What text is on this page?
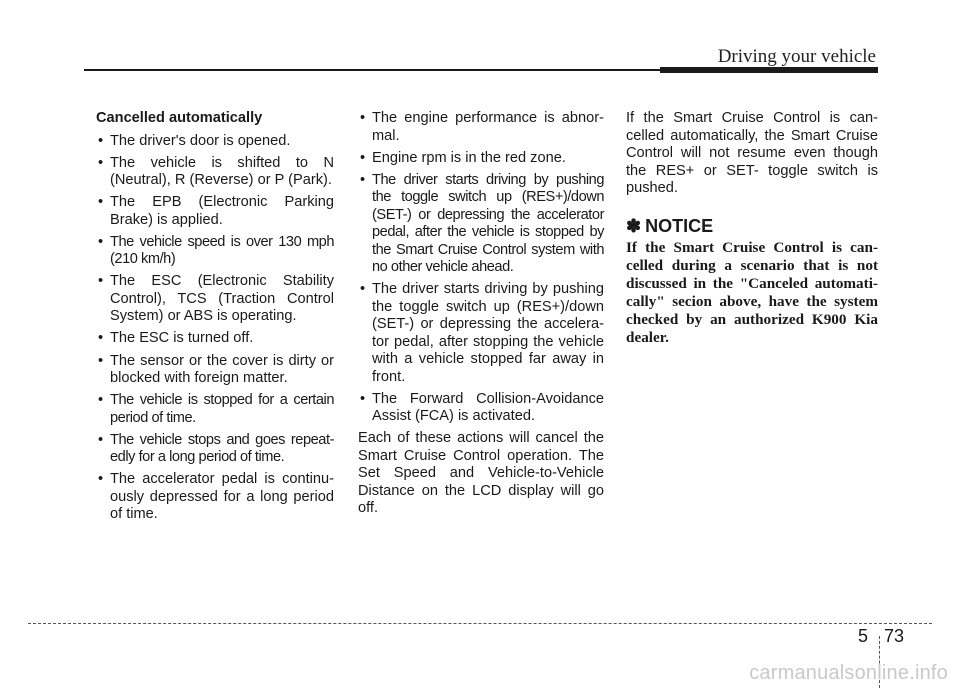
Driving your vehicle

Cancelled automatically

• The driver's door is opened.
• The vehicle is shifted to N (Neutral), R (Reverse) or P (Park).
• The EPB (Electronic Parking Brake) is applied.
• The vehicle speed is over 130 mph (210 km/h)
• The ESC (Electronic Stability Control), TCS (Traction Control System) or ABS is operating.
• The ESC is turned off.
• The sensor or the cover is dirty or blocked with foreign matter.
• The vehicle is stopped for a certain period of time.
• The vehicle stops and goes repeat-edly for a long period of time.
• The accelerator pedal is continu-ously depressed for a long period of time.
• The engine performance is abnor-mal.
• Engine rpm is in the red zone.
• The driver starts driving by pushing the toggle switch up (RES+)/down (SET-) or depressing the accelerator pedal, after the vehicle is stopped by the Smart Cruise Control system with no other vehicle ahead.
• The driver starts driving by pushing the toggle switch up (RES+)/down (SET-) or depressing the accelera-tor pedal, after stopping the vehicle with a vehicle stopped far away in front.
• The Forward Collision-Avoidance Assist (FCA) is activated.

Each of these actions will cancel the Smart Cruise Control operation. The Set Speed and Vehicle-to-Vehicle Distance on the LCD display will go off.

If the Smart Cruise Control is can-celled automatically, the Smart Cruise Control will not resume even though the RES+ or SET- toggle switch is pushed.

✽ NOTICE

If the Smart Cruise Control is can-celled during a scenario that is not discussed in the "Canceled automati-cally" secion above, have the system checked by an authorized K900 Kia dealer.

5 73
carmanualsonline.info
